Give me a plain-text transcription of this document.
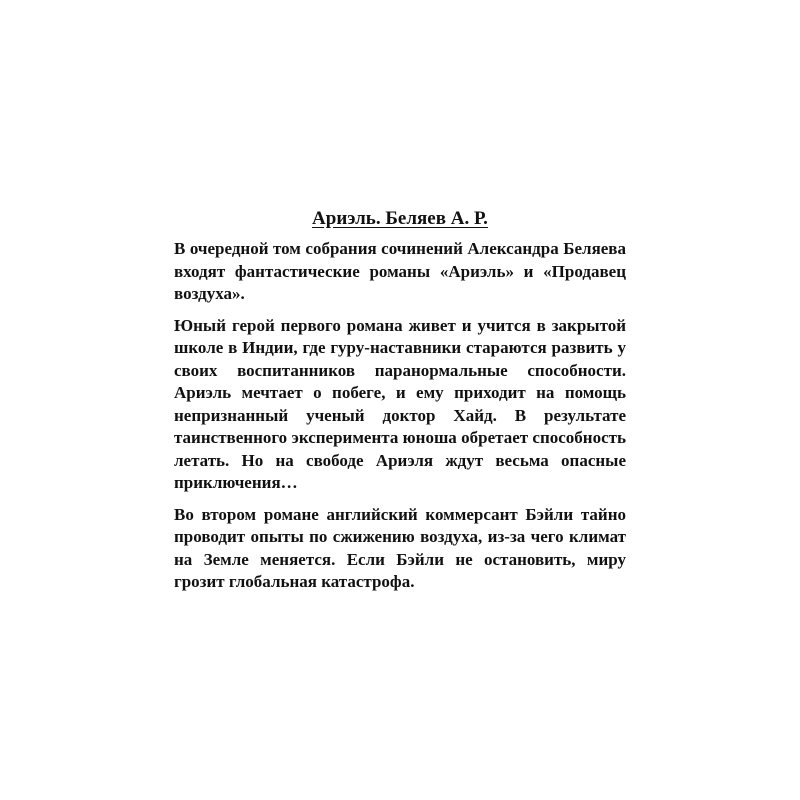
Ариэль. Беляев А. Р.

В очередной том собрания сочинений Александра Беляева входят фантастические романы «Ариэль» и «Продавец воздуха».

Юный герой первого романа живет и учится в закрытой школе в Индии, где гуру-наставники стараются развить у своих воспитанников паранормальные способности. Ариэль мечтает о побеге, и ему приходит на помощь непризнанный ученый доктор Хайд. В результате таинственного эксперимента юноша обретает способность летать. Но на свободе Ариэля ждут весьма опасные приключения…

Во втором романе английский коммерсант Бэйли тайно проводит опыты по сжижению воздуха, из-за чего климат на Земле меняется. Если Бэйли не остановить, миру грозит глобальная катастрофа.
